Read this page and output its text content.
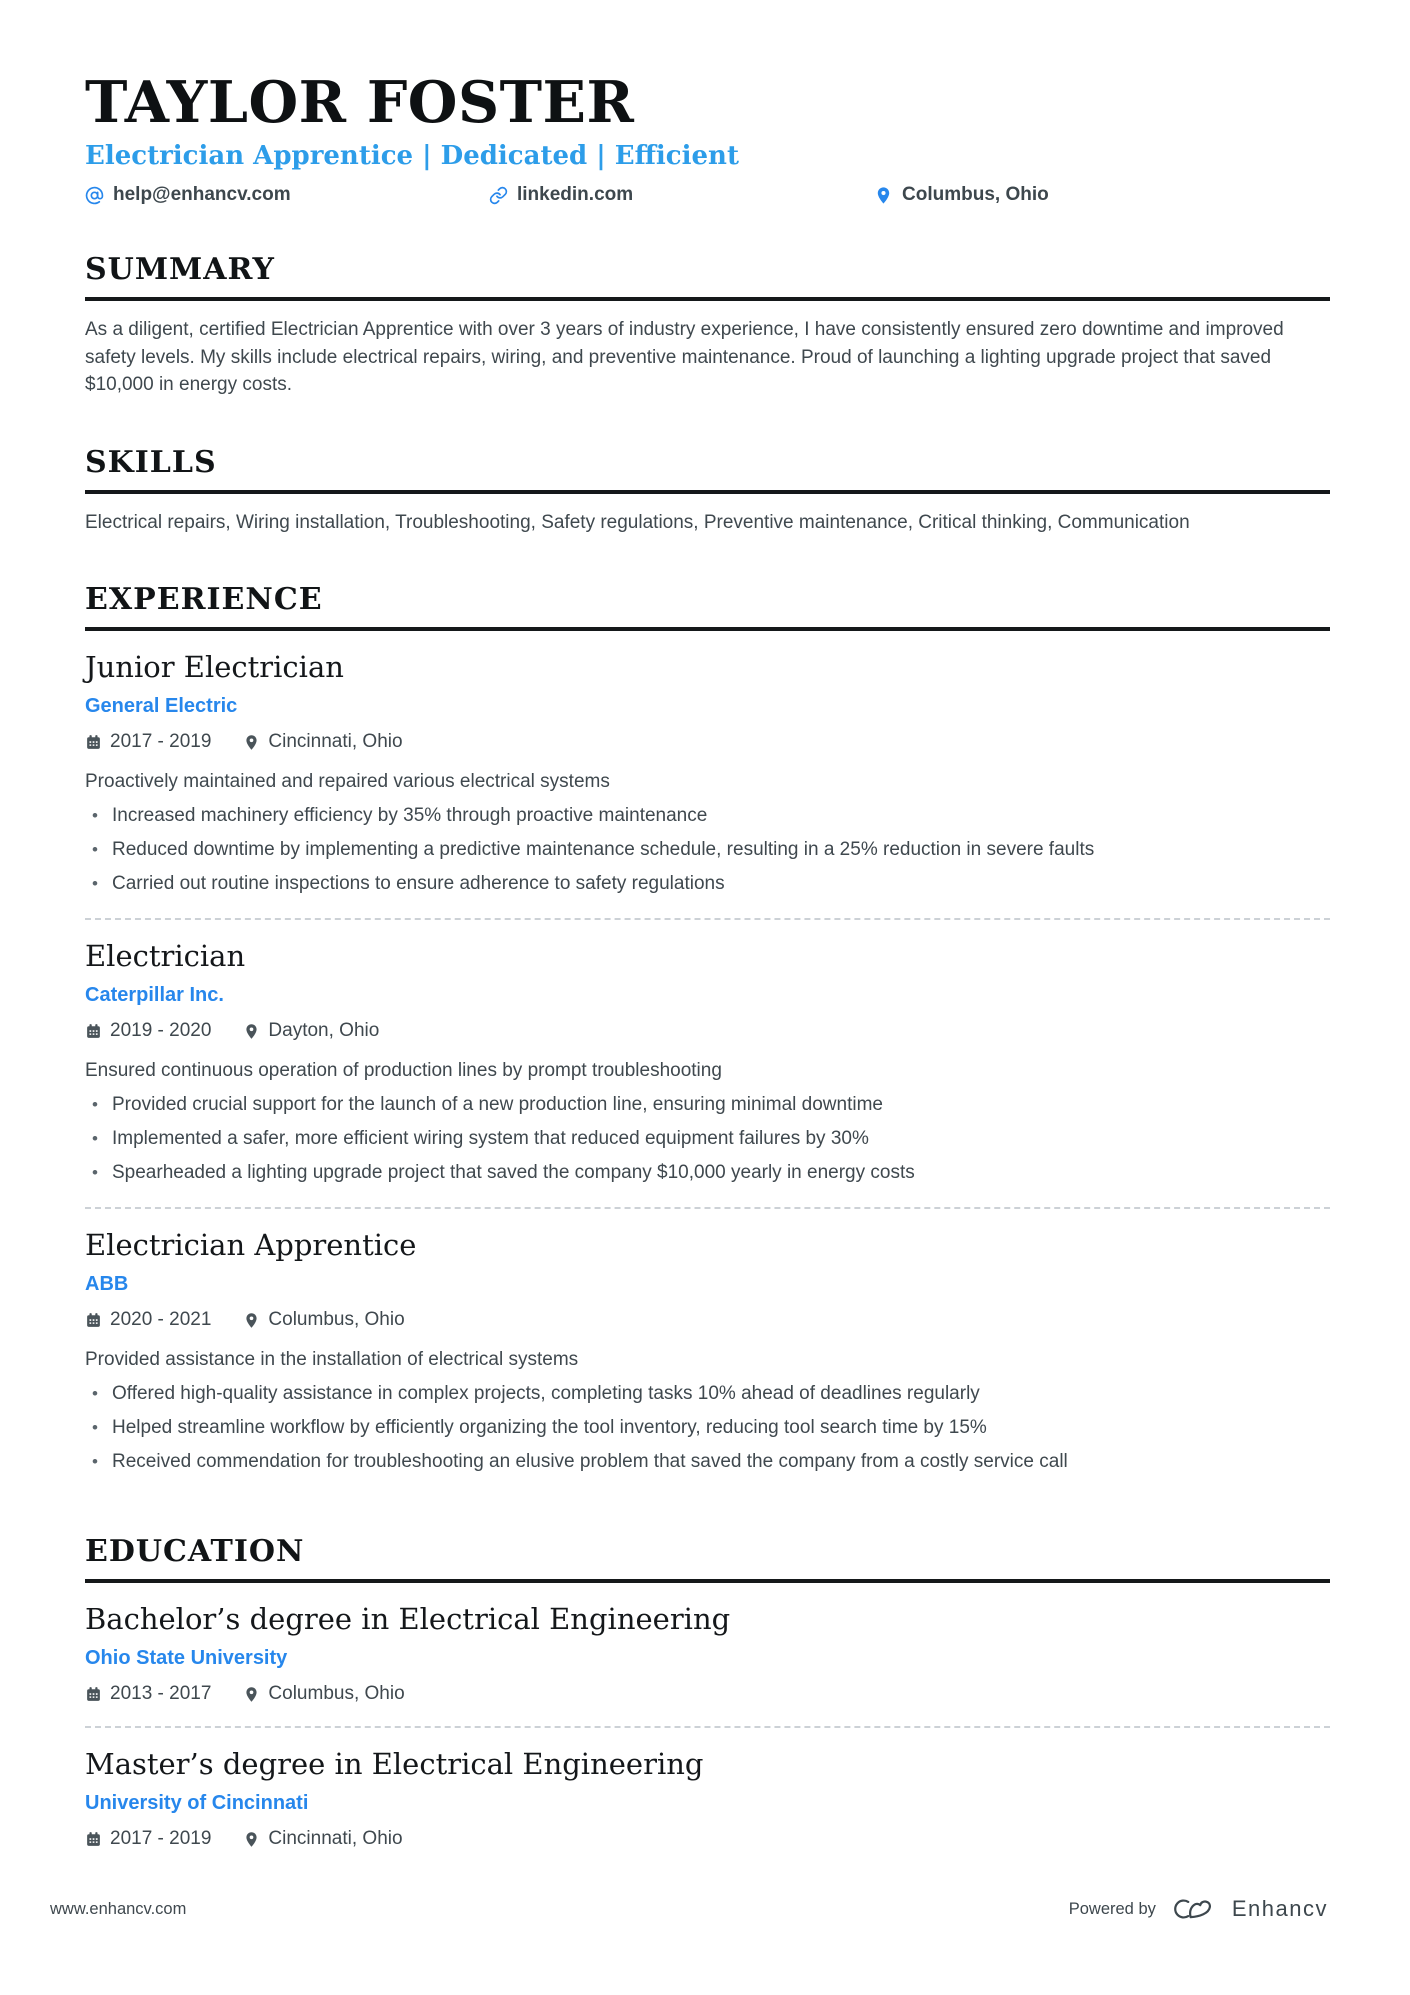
TAYLOR FOSTER
Electrician Apprentice | Dedicated | Efficient
help@enhancv.com	linkedin.com	Columbus, Ohio
SUMMARY

As a diligent, certified Electrician Apprentice with over 3 years of industry experience, I have consistently ensured zero downtime and improved safety levels. My skills include electrical repairs, wiring, and preventive maintenance. Proud of launching a lighting upgrade project that saved $10,000 in energy costs.

SKILLS

Electrical repairs, Wiring installation, Troubleshooting, Safety regulations, Preventive maintenance, Critical thinking, Communication

EXPERIENCE
Junior Electrician
General Electric
2017 - 2019	Cincinnati, Ohio
Proactively maintained and repaired various electrical systems
• Increased machinery efficiency by 35% through proactive maintenance
• Reduced downtime by implementing a predictive maintenance schedule, resulting in a 25% reduction in severe faults
• Carried out routine inspections to ensure adherence to safety regulations
Electrician
Caterpillar Inc.
2019 - 2020	Dayton, Ohio
Ensured continuous operation of production lines by prompt troubleshooting
• Provided crucial support for the launch of a new production line, ensuring minimal downtime
• Implemented a safer, more efficient wiring system that reduced equipment failures by 30%
• Spearheaded a lighting upgrade project that saved the company $10,000 yearly in energy costs
Electrician Apprentice
ABB
2020 - 2021	Columbus, Ohio
Provided assistance in the installation of electrical systems
• Offered high-quality assistance in complex projects, completing tasks 10% ahead of deadlines regularly
• Helped streamline workflow by efficiently organizing the tool inventory, reducing tool search time by 15%
• Received commendation for troubleshooting an elusive problem that saved the company from a costly service call
EDUCATION
Bachelor’s degree in Electrical Engineering
Ohio State University
2013 - 2017	Columbus, Ohio
Master’s degree in Electrical Engineering
University of Cincinnati
2017 - 2019	Cincinnati, Ohio
www.enhancv.com	Powered by	Enhancv
